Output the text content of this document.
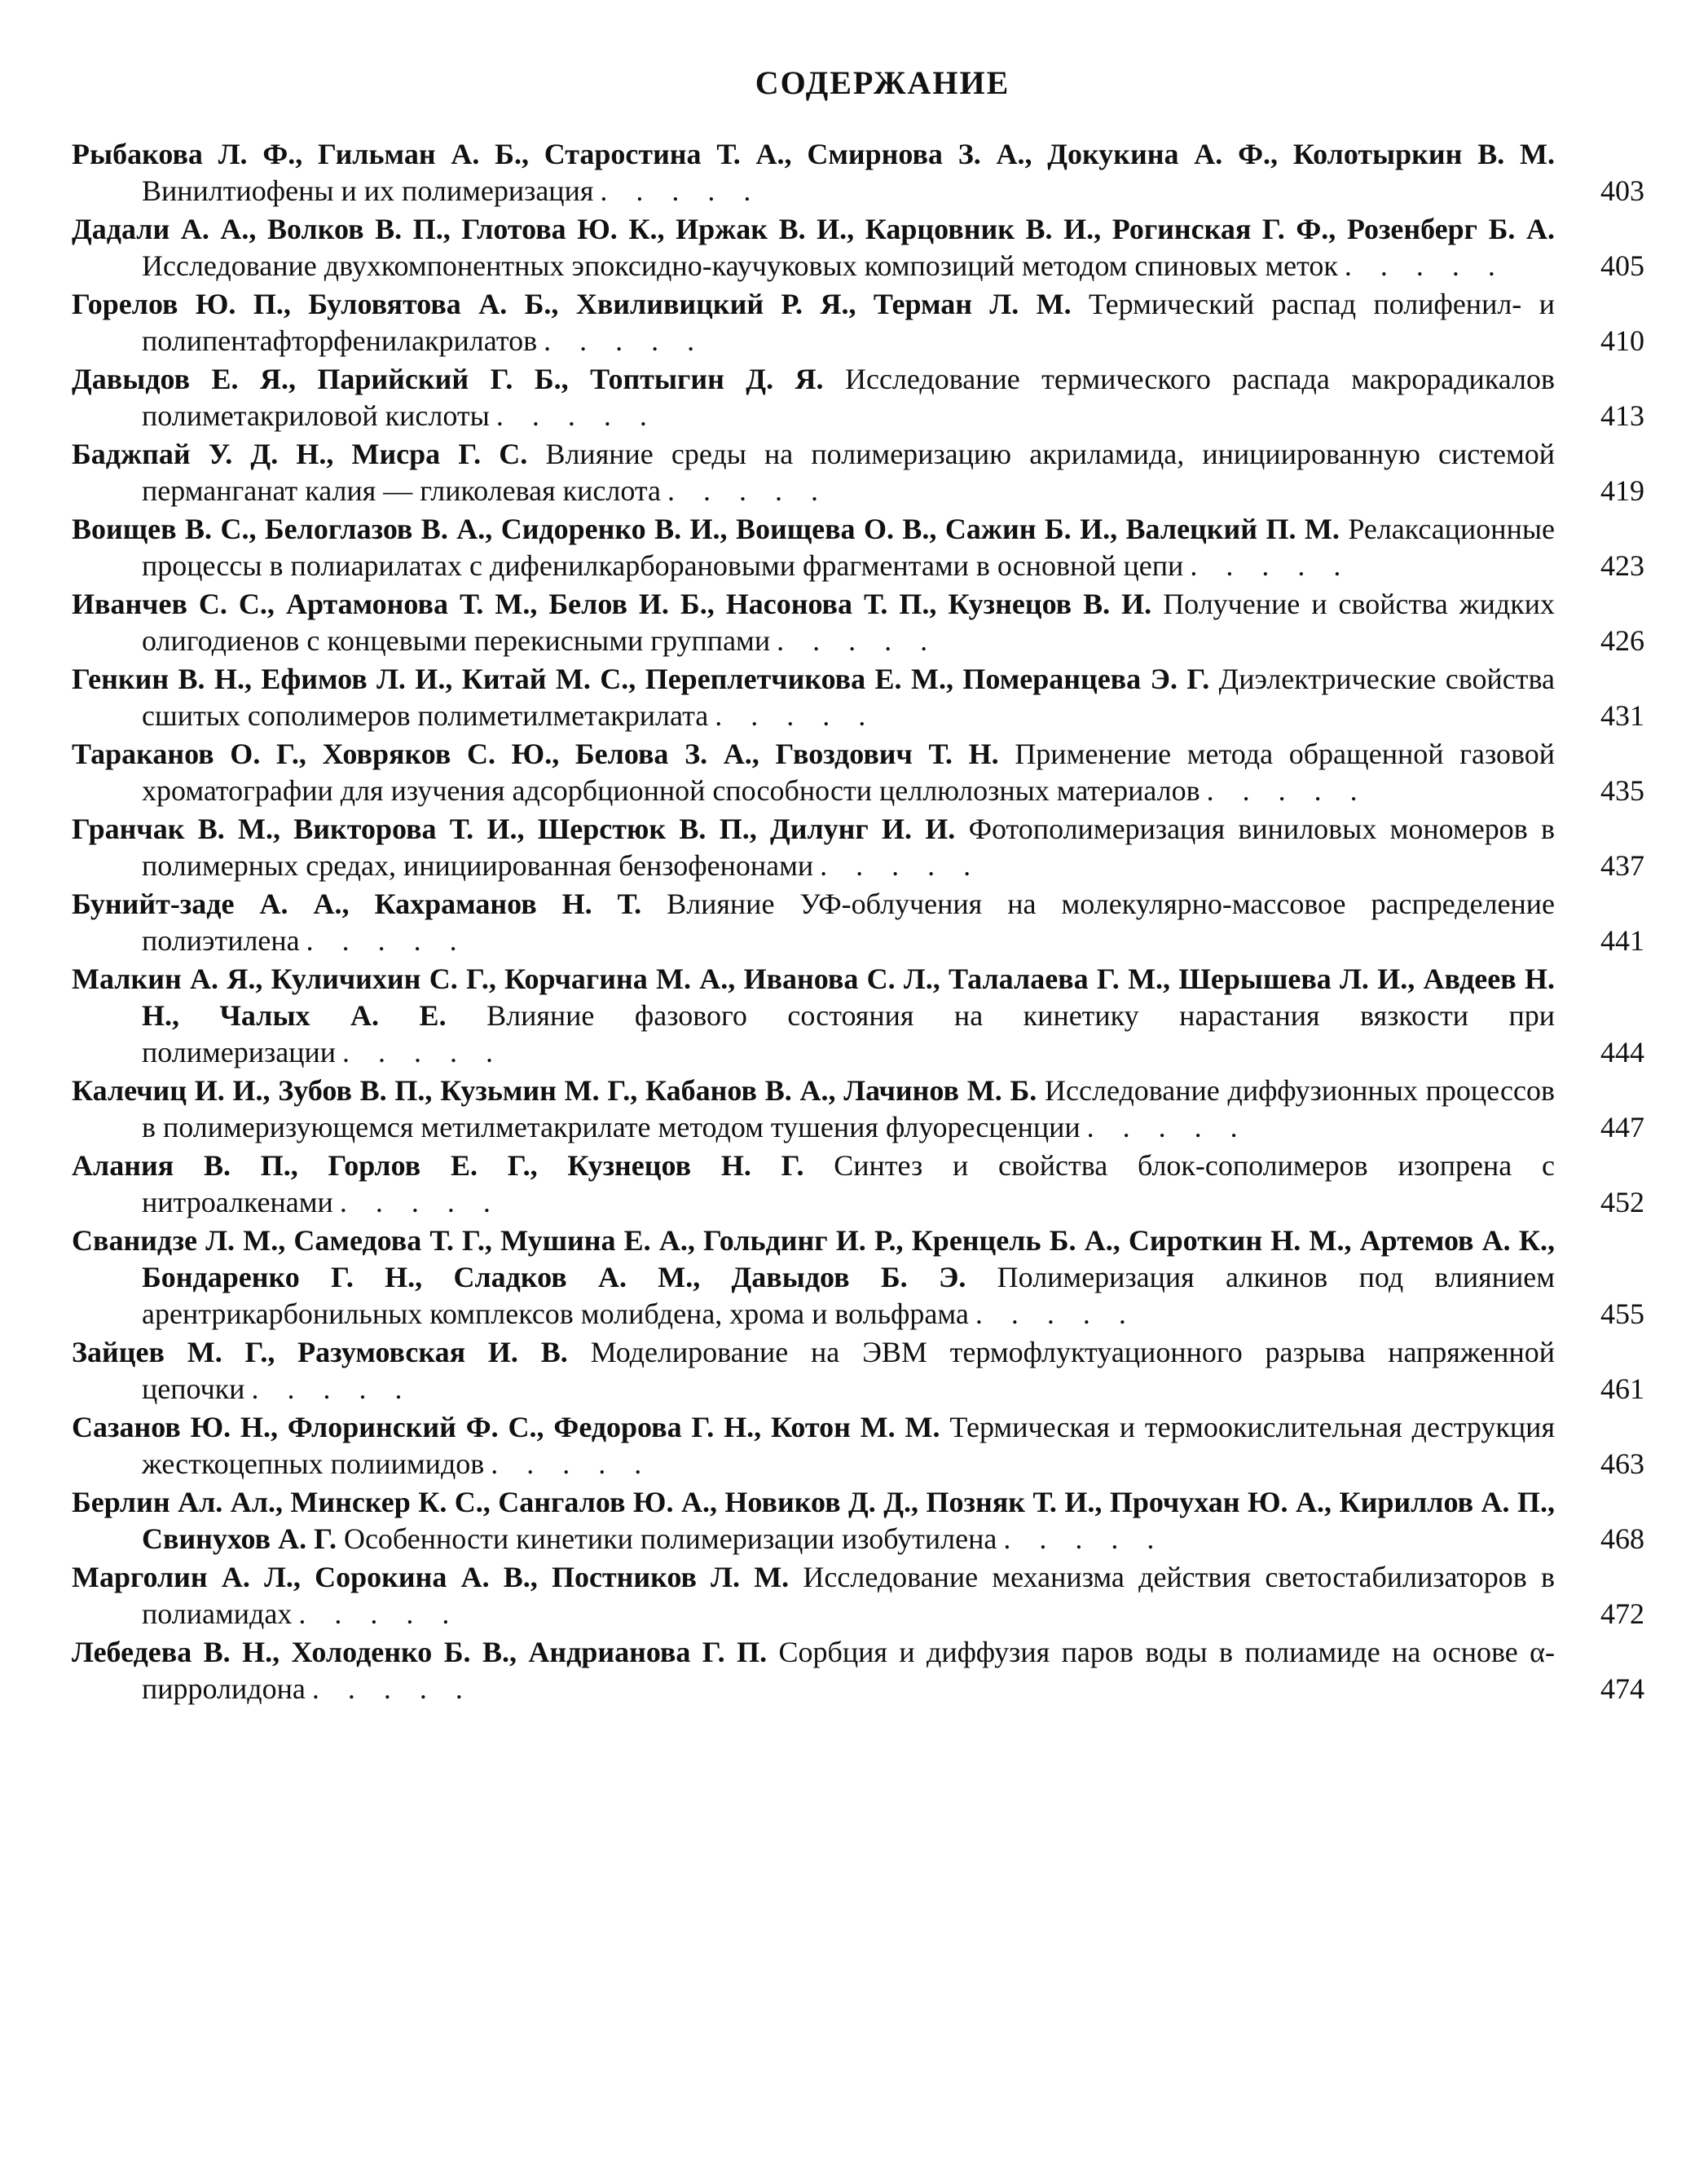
СОДЕРЖАНИЕ
Рыбакова Л. Ф., Гильман А. Б., Старостина Т. А., Смирнова З. А., Докукина А. Ф., Колотыркин В. М. Винилтиофены и их полимеризация . . . . .	403
Дадали А. А., Волков В. П., Глотова Ю. К., Иржак В. И., Карцовник В. И., Рогинская Г. Ф., Розенберг Б. А. Исследование двухкомпонентных эпоксидно-каучуковых композиций методом спиновых меток . . . . .	405
Горелов Ю. П., Буловятова А. Б., Хвиливицкий Р. Я., Терман Л. М. Термический распад полифенил- и полипентафторфенилакрилатов . . . . .	410
Давыдов Е. Я., Парийский Г. Б., Топтыгин Д. Я. Исследование термического распада макрорадикалов полиметакриловой кислоты . . . . .	413
Баджпай У. Д. Н., Мисра Г. С. Влияние среды на полимеризацию акриламида, инициированную системой перманганат калия — гликолевая кислота . . . . .	419
Воищев В. С., Белоглазов В. А., Сидоренко В. И., Воищева О. В., Сажин Б. И., Валецкий П. М. Релаксационные процессы в полиарилатах с дифенилкарборановыми фрагментами в основной цепи . . . . .	423
Иванчев С. С., Артамонова Т. М., Белов И. Б., Насонова Т. П., Кузнецов В. И. Получение и свойства жидких олигодиенов с концевыми перекисными группами . . . . .	426
Генкин В. Н., Ефимов Л. И., Китай М. С., Переплетчикова Е. М., Померанцева Э. Г. Диэлектрические свойства сшитых сополимеров полиметилметакрилата . . . . .	431
Тараканов О. Г., Ховряков С. Ю., Белова З. А., Гвоздович Т. Н. Применение метода обращенной газовой хроматографии для изучения адсорбционной способности целлюлозных материалов . . . . .	435
Гранчак В. М., Викторова Т. И., Шерстюк В. П., Дилунг И. И. Фотополимеризация виниловых мономеров в полимерных средах, инициированная бензофенонами . . . . .	437
Бунийт-заде А. А., Кахраманов Н. Т. Влияние УФ-облучения на молекулярно-массовое распределение полиэтилена . . . . .	441
Малкин А. Я., Куличихин С. Г., Корчагина М. А., Иванова С. Л., Талалаева Г. М., Шерышева Л. И., Авдеев Н. Н., Чалых А. Е. Влияние фазового состояния на кинетику нарастания вязкости при полимеризации . . . . .	444
Калечиц И. И., Зубов В. П., Кузьмин М. Г., Кабанов В. А., Лачинов М. Б. Исследование диффузионных процессов в полимеризующемся метилметакрилате методом тушения флуоресценции . . . . .	447
Алания В. П., Горлов Е. Г., Кузнецов Н. Г. Синтез и свойства блок-сополимеров изопрена с нитроалкенами . . . . .	452
Сванидзе Л. М., Самедова Т. Г., Мушина Е. А., Гольдинг И. Р., Кренцель Б. А., Сироткин Н. М., Артемов А. К., Бондаренко Г. Н., Сладков А. М., Давыдов Б. Э. Полимеризация алкинов под влиянием арентрикарбонильных комплексов молибдена, хрома и вольфрама . . . . .	455
Зайцев М. Г., Разумовская И. В. Моделирование на ЭВМ термофлуктуационного разрыва напряженной цепочки . . . . .	461
Сазанов Ю. Н., Флоринский Ф. С., Федорова Г. Н., Котон М. М. Термическая и термоокислительная деструкция жесткоцепных полиимидов . . . . .	463
Берлин Ал. Ал., Минскер К. С., Сангалов Ю. А., Новиков Д. Д., Позняк Т. И., Прочухан Ю. А., Кириллов А. П., Свинухов А. Г. Особенности кинетики полимеризации изобутилена . . . . .	468
Марголин А. Л., Сорокина А. В., Постников Л. М. Исследование механизма действия светостабилизаторов в полиамидах . . . . .	472
Лебедева В. Н., Холоденко Б. В., Андрианова Г. П. Сорбция и диффузия паров воды в полиамиде на основе α-пирролидона . . . . .	474
